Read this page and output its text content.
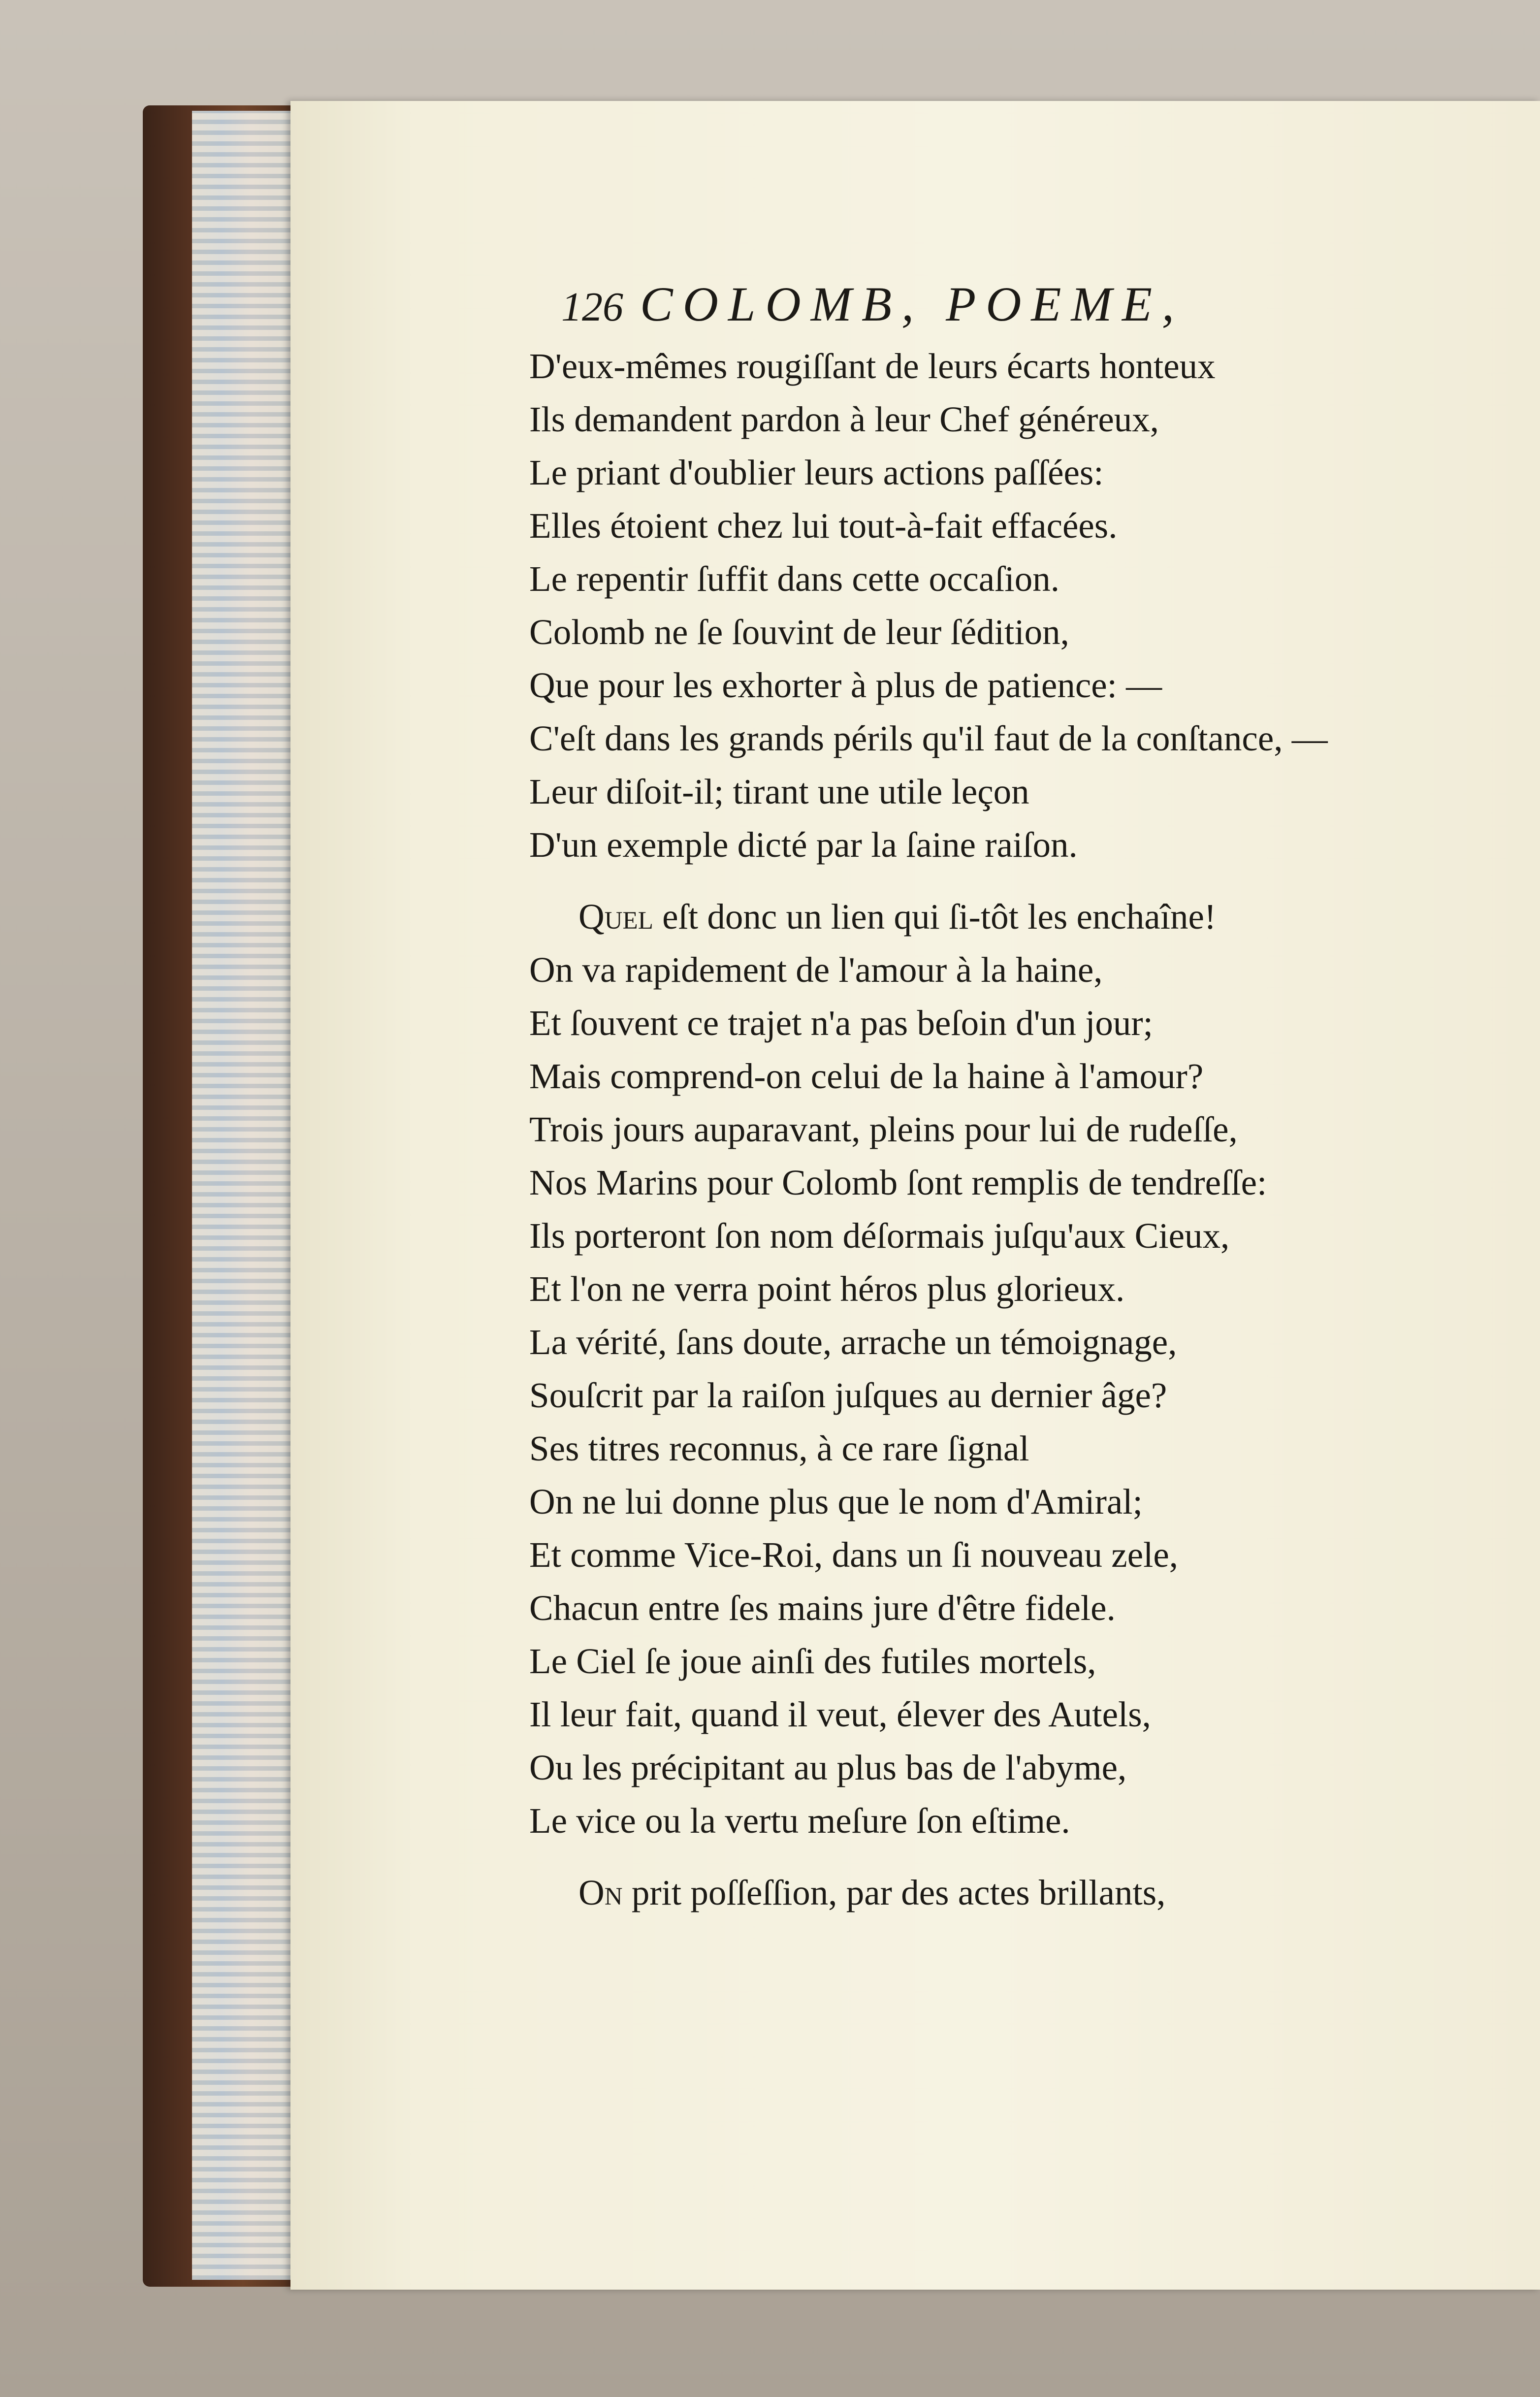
126 COLOMB, POEME,
D'eux-mêmes rougiſſant de leurs écarts honteux
Ils demandent pardon à leur Chef généreux,
Le priant d'oublier leurs actions paſſées:
Elles étoient chez lui tout-à-fait effacées.
Le repentir ſuffit dans cette occaſion.
Colomb ne ſe ſouvint de leur ſédition,
Que pour les exhorter à plus de patience: —
C'eſt dans les grands périls qu'il faut de la conſtance, —
Leur diſoit-il; tirant une utile leçon
D'un exemple dicté par la ſaine raiſon.
Quel eſt donc un lien qui ſi-tôt les enchaîne!
On va rapidement de l'amour à la haine,
Et ſouvent ce trajet n'a pas beſoin d'un jour;
Mais comprend-on celui de la haine à l'amour?
Trois jours auparavant, pleins pour lui de rudeſſe,
Nos Marins pour Colomb ſont remplis de tendreſſe:
Ils porteront ſon nom déſormais juſqu'aux Cieux,
Et l'on ne verra point héros plus glorieux.
La vérité, ſans doute, arrache un témoignage,
Souſcrit par la raiſon juſques au dernier âge?
Ses titres reconnus, à ce rare ſignal
On ne lui donne plus que le nom d'Amiral;
Et comme Vice-Roi, dans un ſi nouveau zele,
Chacun entre ſes mains jure d'être fidele.
Le Ciel ſe joue ainſi des futiles mortels,
Il leur fait, quand il veut, élever des Autels,
Ou les précipitant au plus bas de l'abyme,
Le vice ou la vertu meſure ſon eſtime.
On prit poſſeſſion, par des actes brillants,
